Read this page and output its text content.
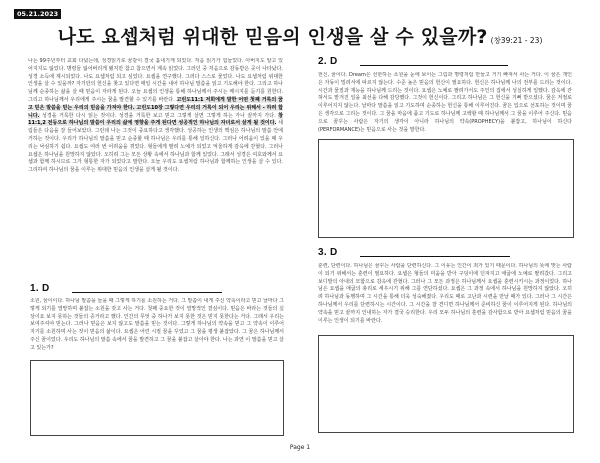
05.21.2023
나도 요셉처럼 위대한 믿음의 인생을 살 수 있을까? (창39:21 - 23)

나는 99주년부터 교회 다녔는데, 성경읽기로 꿈같이 결국 흩내기게 되었다. 처음 읽기가 힘들었다. 아버지도 알고 있어지지도 잃었다. 명령들 잃어버리게 됐지만 참고 참으면서 계속 읽었다. 그러던 중 처음으로 감동받은 곳이 나타났다. 성경 소득에 계시되었다. 나도 요셉처럼 되고 싶었다. 요셉을 연구했다. 그러다 스스로 물었다. 나도 요셉처럼 위대한 인생을 살 수 있을까? 자기만의 헌신을 찾고 있다면 매일 시간을 내어 하나님 말씀을 읽고 기도해야 한다. 그리고 하나님께 순종하는 삶을 살 때 믿음이 자라게 된다. 오늘 요셉의 인생을 통해 하나님께서 주시는 메시지를 듣기를 원한다. 그리고 하나님께서 우리에게 주시는 꿈을 발견할 수 있기를 바란다. 고린도11:1 저희에게 말한 어떤 첫째 거룩의 꿈고 믿은 말씀을 믿는 우리의 믿음을 가져야 한다. 고린도10장 그렇다면 우리의 거룩이 되어 우리는 위해서 - 하려 합니다. 성경을 거룩한 다시 읽는 것이다. 성경을 거룩한 보고 믿고 그렇게 살면 그렇게 하는 가나 끝까지 가다. 창11:1,2 전등으로 하나님의 말씀이 우리의 삶에 영향을 주게 된다면 성공적인 하나님의 자녀로서 살게 될 것이다. 새림들은 다음을 잘 들어보았다. 그런데 나는 그것이 중요하다고 생각했다. 성공하는 인생의 핵심은 하나님의 말씀 안에 거하는 것이다. 우리가 하나님의 말씀을 믿고 순종할 때 하나님은 우리를 통해 일하신다. 그러나 어려움이 있을 때 우리는 낙심하기 쉽다. 요셉도 여러 번 어려움을 겪었다. 형들에게 팔려 노예가 되었고 억울하게 감옥에 갇혔다. 그러나 요셉은 하나님을 원망하지 않았다. 오히려 그는 모든 상황 속에서 하나님과 함께 있었다. 그래서 성경은 여호와께서 요셉과 함께 하시므로 그가 형통한 자가 되었다고 말한다. 오늘 우리도 요셉처럼 하나님과 함께하는 인생을 살 수 있다. 그리하여 하나님의 꿈을 이루는 위대한 믿음의 인생을 살게 될 것이다.

1. D

소원, 꿈이이다. 하나님 말씀을 들을 때 그렇게 하기를 소원하는 거다. 그 말씀이 내게 주신 약속이라고 믿고 날마다 그렇게 되기를 열망하며 붙잡는 소원을 갖고 사는 거다. 첫째 중요한 것이 열망적인 결심이다. 믿음은 바라는 것들의 실상이요 보지 못하는 것들의 증거라고 했다. 인간의 무엇 중 하나가 보지 못한 것은 믿지 못한다는 거다. 그래서 우리는 보여주셔야 믿는다. 그러나 믿음은 보지 않고도 말씀을 믿는 것이다. 그렇게 하나님의 약속을 믿고 그 약속이 이루어지기를 소원하며 사는 것이 믿음의 삶이다. 요셉은 어린 시절 꿈을 꾸었고 그 꿈을 평생 붙잡았다. 그 꿈은 하나님께서 주신 꿈이었다. 우리도 하나님의 말씀 속에서 꿈을 발견하고 그 꿈을 붙잡고 살아야 한다. 나는 과연 이 말씀을 믿고 살고 있는가?

2. D

헌신, 꿈이다. Dream은 선한하는 소원을 눈에 보이는 그림과 명령처럼 만들고 거기 빠져서 사는 거다. 이 꿈은 개인은 자동이 밀려서에 따르지 않는다. 수준 높은 믿음의 헌신이 필요하다. 헌신은 하나님께 나의 전부를 드리는 것이다. 시간과 물질과 재능을 하나님께 드리는 것이다. 요셉은 노예로 팔려가서도 주인의 집에서 성실하게 일했다. 감옥에 갇혀서도 맡겨진 일을 최선을 다해 감당했다. 그것이 헌신이다. 그리고 하나님은 그 헌신을 기뻐 받으셨다. 꿈은 저절로 이루어지지 않는다. 날마다 말씀을 읽고 기도하며 순종하는 헌신을 통해 이루어진다. 꿈은 입으로 선포하는 것이며 꿈은 생각으로 그리는 것이다. 그 꿈을 마음에 품고 기도로 하나님께 고백할 때 하나님께서 그 꿈을 이루어 주신다. 믿음으로 꿈꾸는 사람은 자기의 생각이 아니라 하나님의 약속(PROPHECY)을 붙잡고, 하나님이 하신다(PERFORMANCE)는 믿음으로 사는 것을 말한다.

3. D

훈련, 단련이다. 하나님은 꿈꾸는 사람을 단련하신다. 그 이유는 인간이 죄가 있기 때문이다. 하나님의 뜻에 맞는 사람이 되기 위해서는 훈련이 필요하다. 요셉은 형들의 미움을 받아 구덩이에 던져지고 애굽에 노예로 팔려갔다. 그리고 보디발의 아내의 모함으로 감옥에 갇혔다. 그러나 그 모든 과정은 하나님께서 요셉을 훈련시키시는 과정이었다. 하나님은 요셉을 애굽의 총리로 세우시기 위해 그를 연단하셨다. 요셉은 그 과정 속에서 하나님을 원망하지 않았다. 오히려 하나님과 동행하며 그 시간을 통해 더욱 성숙해졌다. 우리도 때로 고난과 시련을 만날 때가 있다. 그러나 그 시간은 하나님께서 우리를 단련하시는 시간이다. 그 시간을 잘 견디면 하나님께서 준비하신 꿈이 이루어지게 된다. 하나님의 약속을 믿고 끝까지 인내하는 자가 결국 승리한다. 우리 모두 하나님의 훈련을 감사함으로 받아 요셉처럼 믿음의 꿈을 이루는 인생이 되기를 바란다.

Page 1
